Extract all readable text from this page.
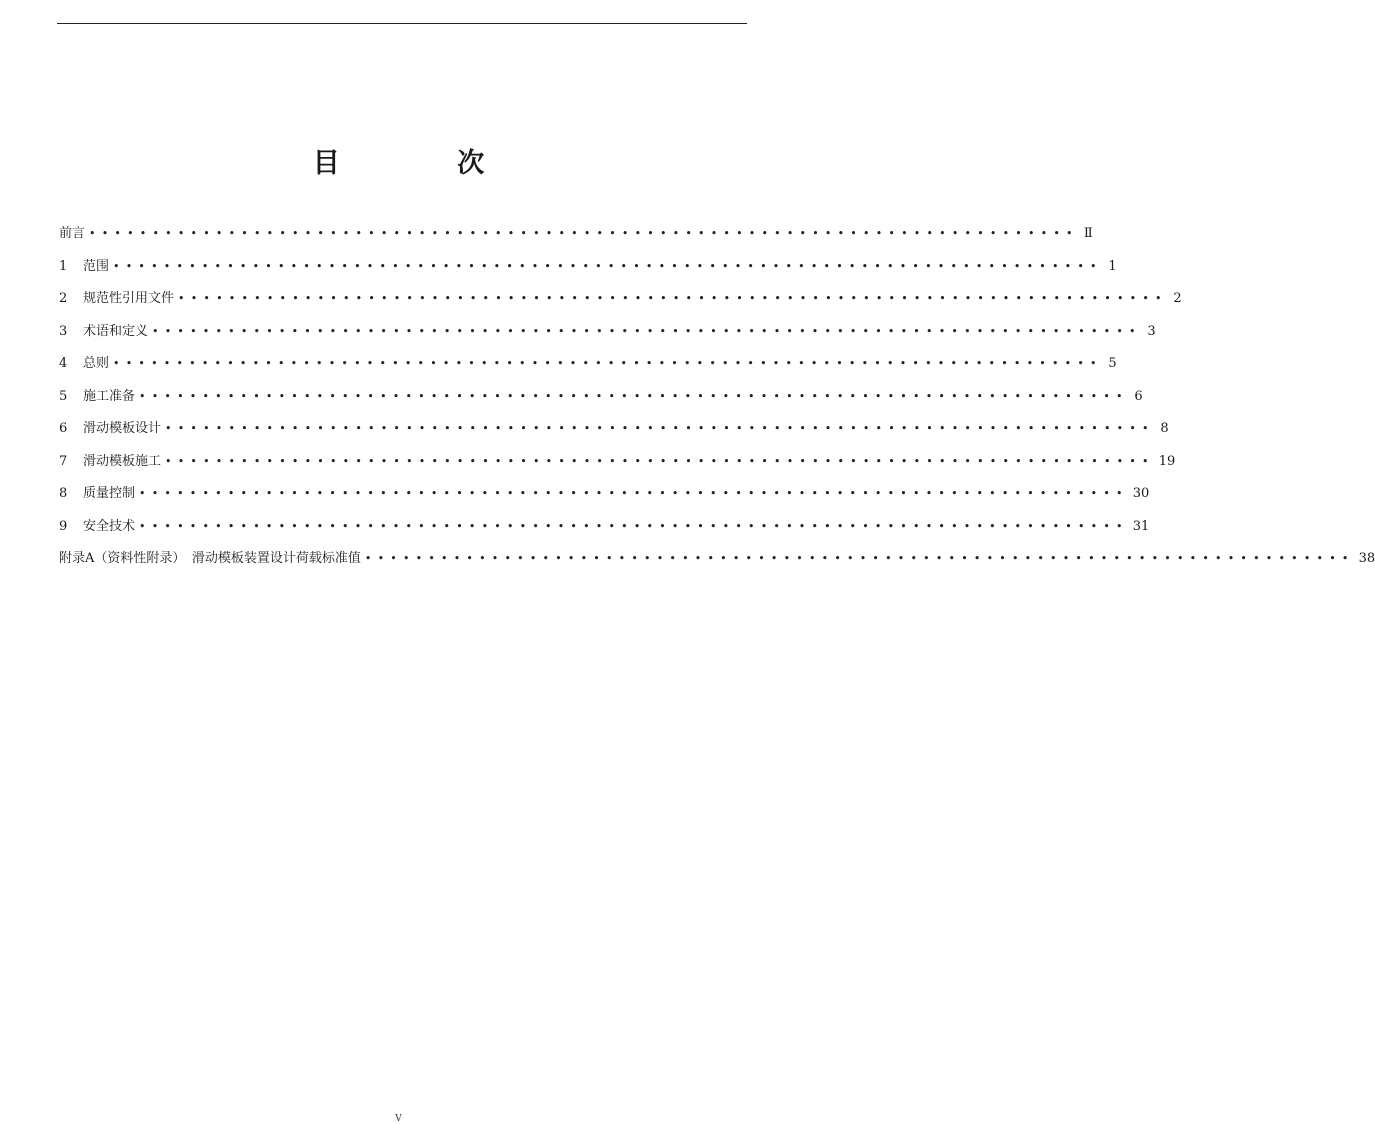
目 次
前言 •••••••••••••••••••••••••••••••••••••••••••••••••••••••••••••••••••••••••••••• Ⅱ
1	范围 •••••••••••••••••••••••••••••••••••••••••••••••••••••••••••••••••••••••••••••• 1
2	规范性引用文件 •••••••••••••••••••••••••••••••••••••••••••••••••••••••••••••••••••••••••••••• 2
3	术语和定义 •••••••••••••••••••••••••••••••••••••••••••••••••••••••••••••••••••••••••••••• 3
4	总则 •••••••••••••••••••••••••••••••••••••••••••••••••••••••••••••••••••••••••••••• 5
5	施工准备 •••••••••••••••••••••••••••••••••••••••••••••••••••••••••••••••••••••••••••••• 6
6	滑动模板设计 •••••••••••••••••••••••••••••••••••••••••••••••••••••••••••••••••••••••••••••• 8
7	滑动模板施工 •••••••••••••••••••••••••••••••••••••••••••••••••••••••••••••••••••••••••••••• 19
8	质量控制 •••••••••••••••••••••••••••••••••••••••••••••••••••••••••••••••••••••••••••••• 30
9	安全技术 •••••••••••••••••••••••••••••••••••••••••••••••••••••••••••••••••••••••••••••• 31
附录A（资料性附录）　滑动模板装置设计荷载标准值 •••••••••••••••••••••••••••••••••••••••••••••••••••••••••••••••••••••••••••••• 38
V
